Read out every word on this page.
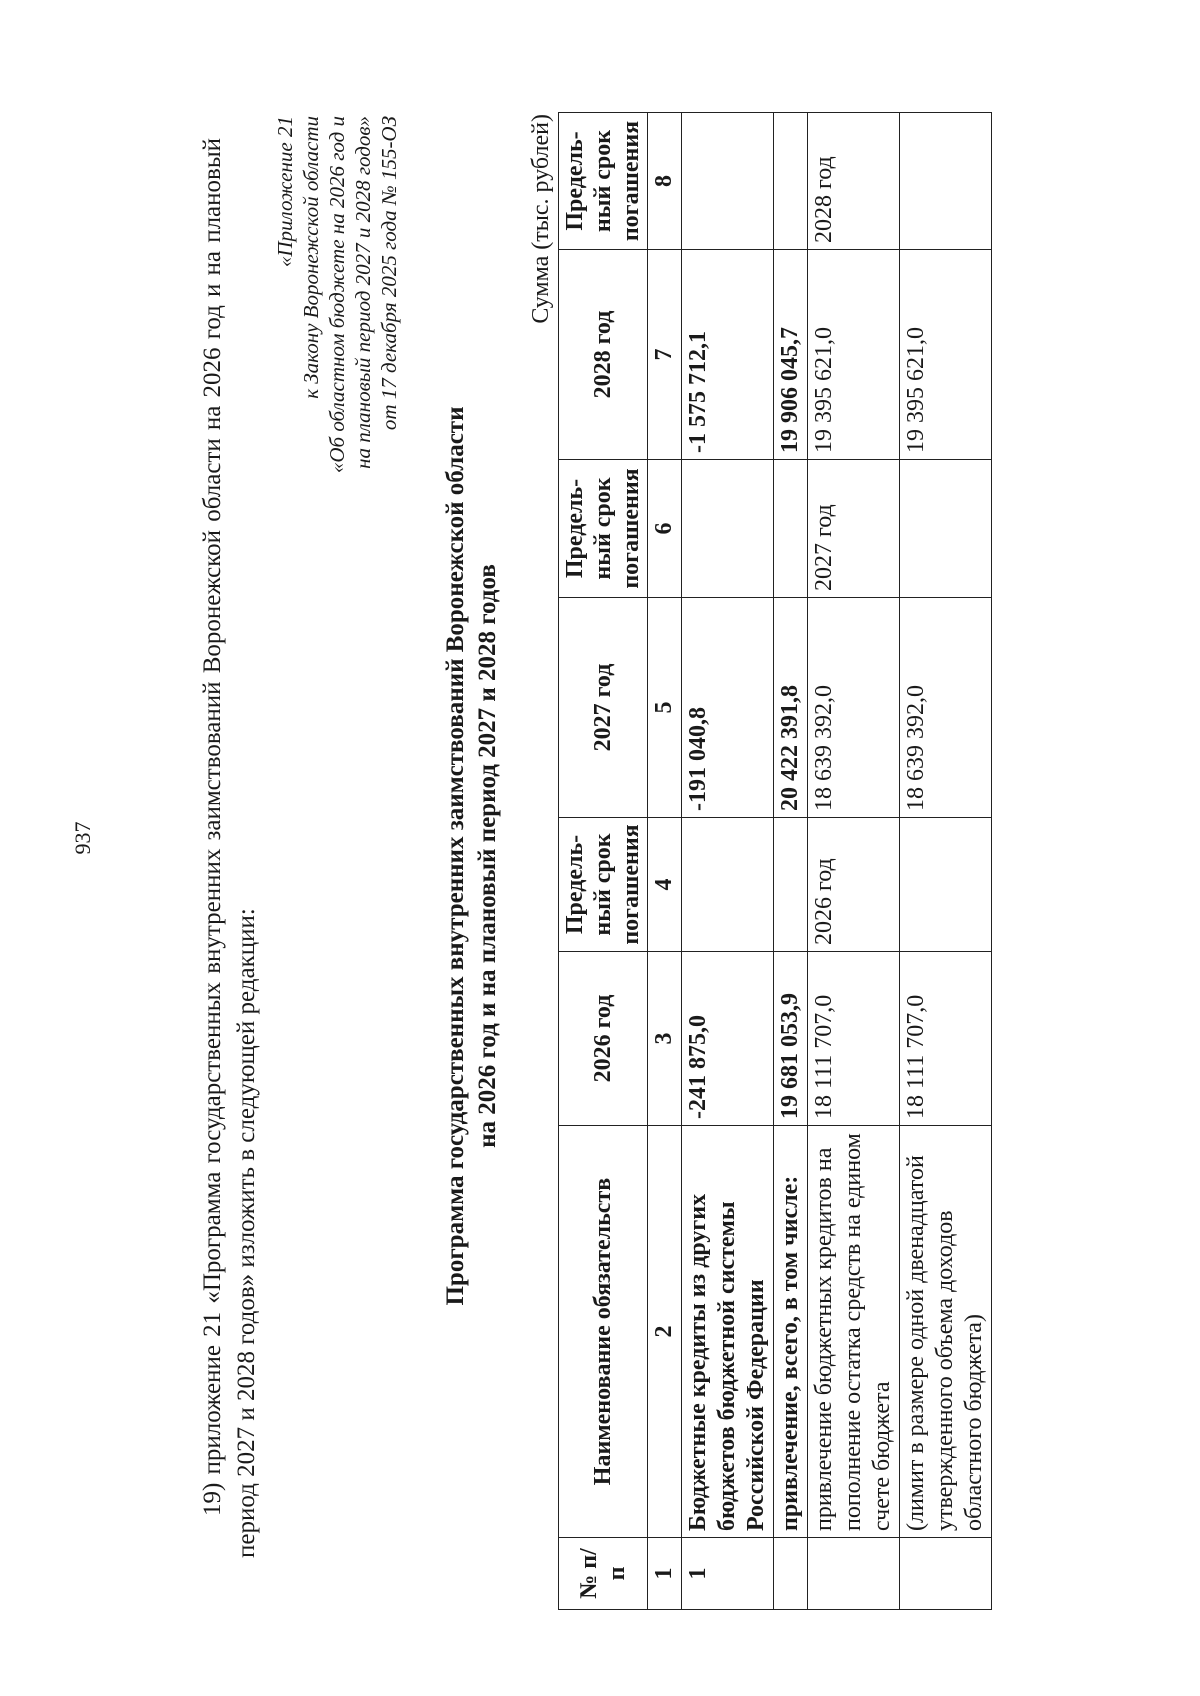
937	19) приложение 21 «Программа государственных внутренних заимствований Воронежской области на 2026 год и на плановый период 2027 и 2028 годов» изложить в следующей редакции:
«Приложение 21 к Закону Воронежской области «Об областном бюджете на 2026 год и на плановый период 2027 и 2028 годов» от 17 декабря 2025 года № 155-ОЗ
Программа государственных внутренних заимствований Воронежской области на 2026 год и на плановый период 2027 и 2028 годов
Сумма (тыс. рублей)
№ п/п	Наименование обязательств	2026 год	Предель-ный срок погашения	2027 год	Предель-ный срок погашения	2028 год	Предель-ный срок погашения
1	2	3	4	5	6	7	8
1	Бюджетные кредиты из других бюджетов бюджетной системы Российской Федерации	-241 875,0		-191 040,8		-1 575 712,1	
	привлечение, всего, в том числе:	19 681 053,9		20 422 391,8		19 906 045,7	
	привлечение бюджетных кредитов на пополнение остатка средств на едином счете бюджета	18 111 707,0	2026 год	18 639 392,0	2027 год	19 395 621,0	2028 год
	(лимит в размере одной двенадцатой утвержденного объема доходов областного бюджета)	18 111 707,0		18 639 392,0		19 395 621,0	
